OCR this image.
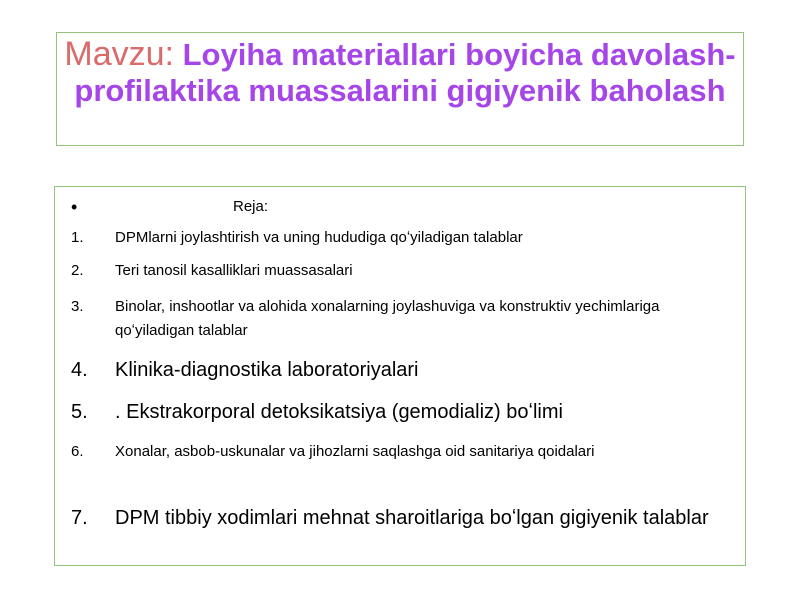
Mavzu: Loyiha materiallari boyicha davolash-profilaktika muassalarini gigiyenik baholash
•	Reja:
1. DPMlarni joylashtirish va uning hududiga qoʻyiladigan talablar
2. Teri tanosil kasalliklari muassasalari
3. Binolar, inshootlar va alohida xonalarning joylashuviga va konstruktiv yechimlariga qoʻyiladigan talablar
4. Klinika-diagnostika laboratoriyalari
5. . Ekstrakorporal detoksikatsiya (gemodializ) boʻlimi
6. Xonalar, asbob-uskunalar va jihozlarni saqlashga oid sanitariya qoidalari
7. DPM tibbiy xodimlari mehnat sharoitlariga boʻlgan gigiyenik talablar
